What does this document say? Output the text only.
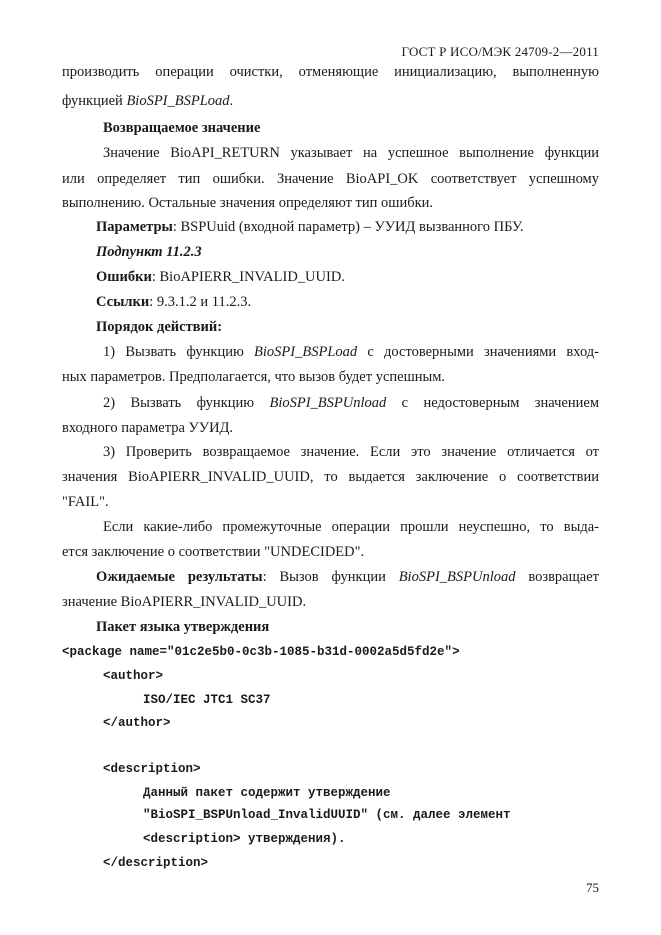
ГОСТ Р ИСО/МЭК 24709-2—2011
производить операции очистки, отменяющие инициализацию, выполненную
функцией BioSPI_BSPLoad.
Возвращаемое значение
Значение BioAPI_RETURN указывает на успешное выполнение функции
или определяет тип ошибки. Значение BioAPI_OK соответствует успешному
выполнению. Остальные значения определяют тип ошибки.
Параметры: BSPUuid (входной параметр) – УУИД вызванного ПБУ.
Подпункт 11.2.3
Ошибки: BioAPIERR_INVALID_UUID.
Ссылки: 9.3.1.2 и 11.2.3.
Порядок действий:
1) Вызвать функцию BioSPI_BSPLoad с достоверными значениями вход-
ных параметров. Предполагается, что вызов будет успешным.
2) Вызвать функцию BioSPI_BSPUnload с недостоверным значением
входного параметра УУИД.
3) Проверить возвращаемое значение. Если это значение отличается от
значения BioAPIERR_INVALID_UUID, то выдается заключение о соответствии
"FAIL".
Если какие-либо промежуточные операции прошли неуспешно, то выда-
ется заключение о соответствии "UNDECIDED".
Ожидаемые результаты: Вызов функции BioSPI_BSPUnload возвращает
значение BioAPIERR_INVALID_UUID.
Пакет языка утверждения
<package name="01c2e5b0-0c3b-1085-b31d-0002a5d5fd2e">
<author>
ISO/IEC JTC1 SC37
</author>
<description>
Данный пакет содержит утверждение
"BioSPI_BSPUnload_InvalidUUID" (см. далее элемент
<description> утверждения).
</description>
75
